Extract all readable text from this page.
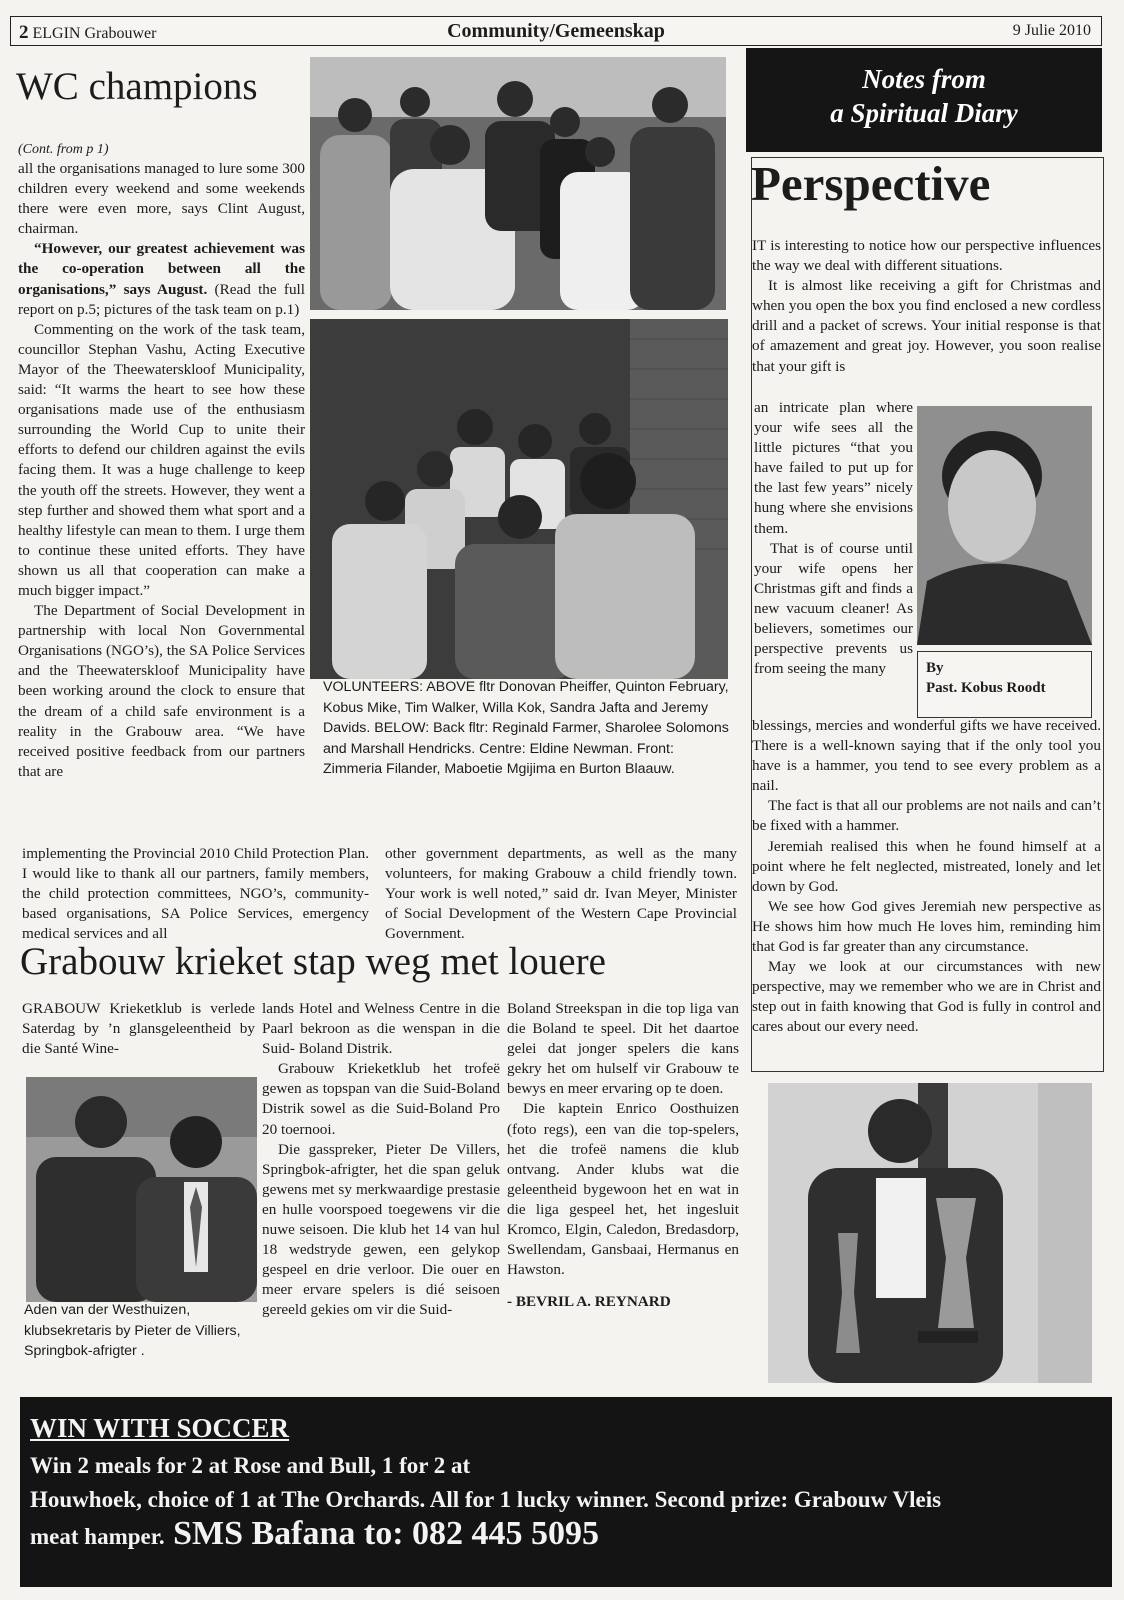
2 ELGIN Grabouwer	Community/Gemeenskap	9 Julie 2010
WC champions
(Cont. from p 1)

all the organisations managed to lure some 300 children every weekend and some weekends there were even more, says Clint August, chairman.

“However, our greatest achievement was the co-operation between all the organisations,” says August. (Read the full report on p.5; pictures of the task team on p.1)

Commenting on the work of the task team, councillor Stephan Vashu, Acting Executive Mayor of the Theewaterskloof Municipality, said: “It warms the heart to see how these organisations made use of the enthusiasm surrounding the World Cup to unite their efforts to defend our children against the evils facing them. It was a huge challenge to keep the youth off the streets. However, they went a step further and showed them what sport and a healthy lifestyle can mean to them. I urge them to continue these united efforts. They have shown us all that cooperation can make a much bigger impact.”

The Department of Social Development in partnership with local Non Governmental Organisations (NGO’s), the SA Police Services and the Theewaterskloof Municipality have been working around the clock to ensure that the dream of a child safe environment is a reality in the Grabouw area. “We have received positive feedback from our partners that are

implementing the Provincial 2010 Child Protection Plan. I would like to thank all our partners, family members, the child protection committees, NGO’s, community-based organisations, SA Police Services, emergency medical services and all

other government departments, as well as the many volunteers, for making Grabouw a child friendly town. Your work is well noted,” said dr. Ivan Meyer, Minister of Social Development of the Western Cape Provincial Government.

VOLUNTEERS: ABOVE fltr Donovan Pheiffer, Quinton February, Kobus Mike, Tim Walker, Willa Kok, Sandra Jafta and Jeremy Davids. BELOW: Back fltr: Reginald Farmer, Sharolee Solomons and Marshall Hendricks. Centre: Eldine Newman. Front: Zimmeria Filander, Maboetie Mgijima en Burton Blaauw.
Grabouw krieket stap weg met louere

GRABOUW Krieketklub is verlede Saterdag by ’n glansgeleentheid by die Santé Wine-

Aden van der Westhuizen, klubsekretaris by Pieter de Villiers, Springbok-afrigter .

lands Hotel and Welness Centre in die Paarl bekroon as die wenspan in die Suid- Boland Distrik.

Grabouw Krieketklub het trofeë gewen as topspan van die Suid-Boland Distrik sowel as die Suid-Boland Pro 20 toernooi.

Die gasspreker, Pieter De Villers, Springbok-afrigter, het die span geluk gewens met sy merkwaardige prestasie en hulle voorspoed toegewens vir die nuwe seisoen. Die klub het 14 van hul 18 wedstryde gewen, een gelykop gespeel en drie verloor. Die ouer en meer ervare spelers is dié seisoen gereeld gekies om vir die Suid-

Boland Streekspan in die top liga van die Boland te speel. Dit het daartoe gelei dat jonger spelers die kans gekry het om hulself vir Grabouw te bewys en meer ervaring op te doen.

Die kaptein Enrico Oosthuizen (foto regs), een van die top-spelers, het die trofeë namens die klub ontvang. Ander klubs wat die geleentheid bygewoon het en wat in die liga gespeel het, het ingesluit Kromco, Elgin, Caledon, Bredasdorp, Swellendam, Gansbaai, Hermanus en Hawston.

- BEVRIL A. REYNARD

Notes from
a Spiritual Diary
Perspective

IT is interesting to notice how our perspective influences the way we deal with different situations.

It is almost like receiving a gift for Christmas and when you open the box you find enclosed a new cordless drill and a packet of screws. Your initial response is that of amazement and great joy. However, you soon realise that your gift is

an intricate plan where your wife sees all the little pictures “that you have failed to put up for the last few years” nicely hung where she envisions them.

That is of course until your wife opens her Christmas gift and finds a new vacuum cleaner! As believers, sometimes our perspective prevents us from seeing the many	By
Past. Kobus Roodt

blessings, mercies and wonderful gifts we have received. There is a well-known saying that if the only tool you have is a hammer, you tend to see every problem as a nail.

The fact is that all our problems are not nails and can’t be fixed with a hammer.

Jeremiah realised this when he found himself at a point where he felt neglected, mistreated, lonely and let down by God.

We see how God gives Jeremiah new perspective as He shows him how much He loves him, reminding him that God is far greater than any circumstance.

May we look at our circumstances with new perspective, may we remember who we are in Christ and step out in faith knowing that God is fully in control and cares about our every need.

WIN WITH SOCCER
Win 2 meals for 2 at Rose and Bull, 1 for 2 at
Houwhoek, choice of 1 at The Orchards. All for 1 lucky winner. Second prize: Grabouw Vleis
meat hamper. SMS Bafana to: 082 445 5095
